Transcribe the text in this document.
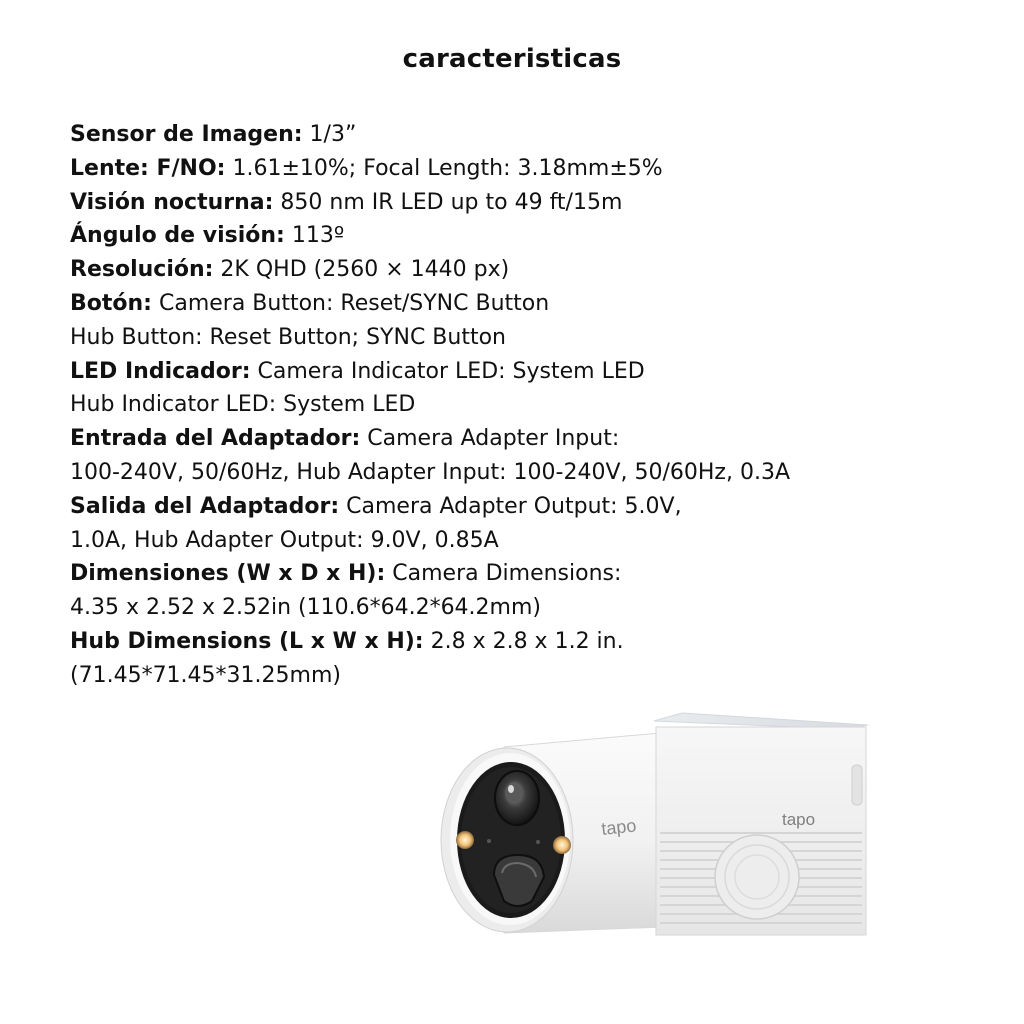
caracteristicas
Sensor de Imagen: 1/3”
Lente: F/NO: 1.61±10%; Focal Length: 3.18mm±5%
Visión nocturna: 850 nm IR LED up to 49 ft/15m
Ángulo de visión: 113º
Resolución: 2K QHD (2560 × 1440 px)
Botón: Camera Button: Reset/SYNC Button
Hub Button: Reset Button; SYNC Button
LED Indicador: Camera Indicator LED: System LED
Hub Indicator LED: System LED
Entrada del Adaptador: Camera Adapter Input:
100-240V, 50/60Hz, Hub Adapter Input: 100-240V, 50/60Hz, 0.3A
Salida del Adaptador: Camera Adapter Output: 5.0V,
1.0A, Hub Adapter Output: 9.0V, 0.85A
Dimensiones (W x D x H): Camera Dimensions:
4.35 x 2.52 x 2.52in (110.6*64.2*64.2mm)
Hub Dimensions (L x W x H): 2.8 x 2.8 x 1.2 in.
(71.45*71.45*31.25mm)
tapo	tapo
